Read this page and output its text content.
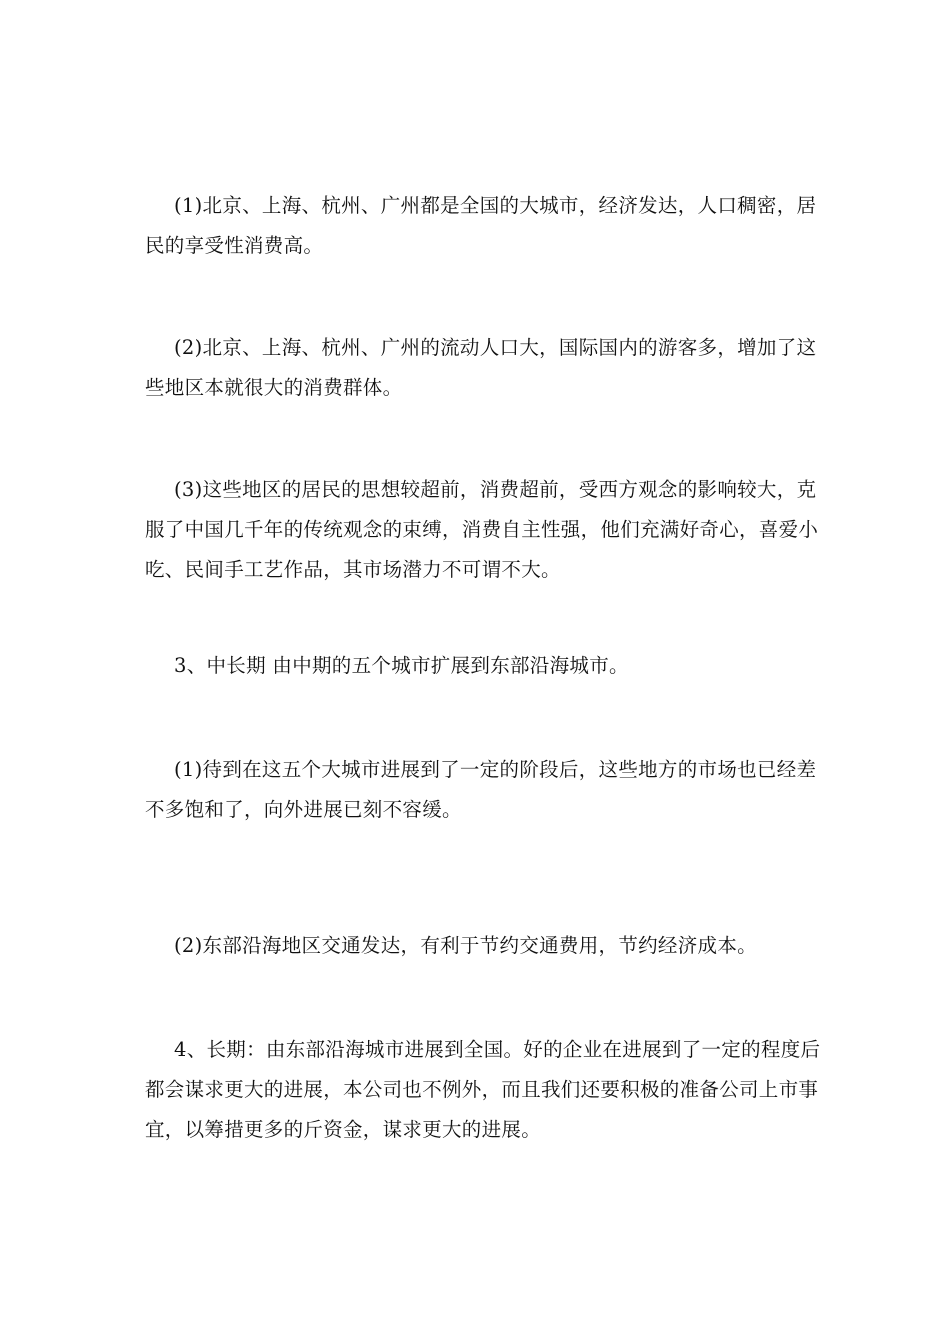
(1)北京、上海、杭州、广州都是全国的大城市，经济发达，人口稠密，居
民的享受性消费高。

(2)北京、上海、杭州、广州的流动人口大，国际国内的游客多，增加了这
些地区本就很大的消费群体。

(3)这些地区的居民的思想较超前，消费超前，受西方观念的影响较大，克
服了中国几千年的传统观念的束缚，消费自主性强，他们充满好奇心，喜爱小
吃、民间手工艺作品，其市场潜力不可谓不大。

3、中长期 由中期的五个城市扩展到东部沿海城市。

(1)待到在这五个大城市进展到了一定的阶段后，这些地方的市场也已经差
不多饱和了，向外进展已刻不容缓。

(2)东部沿海地区交通发达，有利于节约交通费用，节约经济成本。

4、长期：由东部沿海城市进展到全国。好的企业在进展到了一定的程度后
都会谋求更大的进展，本公司也不例外，而且我们还要积极的准备公司上市事
宜，以筹措更多的斤资金，谋求更大的进展。
